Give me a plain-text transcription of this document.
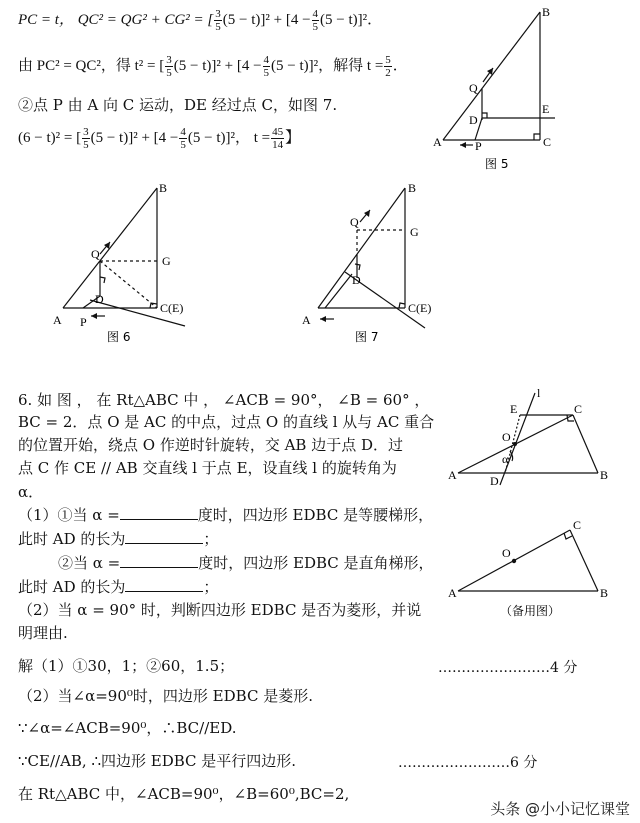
PC = t， QC² = QG² + CG² = [ $\frac{3}{5} (5 - t)]^2 + [4 - \frac{4}{5} (5 - t)]^2$．
由 PC² = QC²，得 t² = [ $\frac{3}{5} (5 - t)]^2 + [4 - \frac{4}{5} (5 - t)]^2$，解得 $t = \frac{5}{2}$ ．
②点 P 由 A 向 C 运动，DE 经过点 C，如图 7.
(6 − t)² = [ $\frac{3}{5} (5 - t)]^2 + [4 - \frac{4}{5} (5 - t)]^2$， $t = \frac{45}{14}$ 】
B
Q
E
D
A	P	C
图 5
B
Q	G
D
A P
C(E)
图 6
B
Q
G
D
A
C(E)
图 7
6. 如 图 ， 在 Rt△ABC 中 ， ∠ACB = 90°， ∠B = 60° ，
BC = 2．点 O 是 AC 的中点，过点 O 的直线 l 从与 AC 重合
的位置开始，绕点 O 作逆时针旋转，交 AB 边于点 D．过
点 C 作 CE // AB 交直线 l 于点 E，设直线 l 的旋转角为
α．
（1）①当 α =	度时，四边形 EDBC 是等腰梯形，
此时 AD 的长为	；
②当 α =	度时，四边形 EDBC 是直角梯形，
此时 AD 的长为	；
（2）当 α = 90° 时，判断四边形 EDBC 是否为菱形，并说
明理由.
l
E	C
O
α
A	D	B
C
O
A	B
（备用图）
解（1）①30，1；②60，1.5；	……………………4 分
（2）当∠α=90⁰时，四边形 EDBC 是菱形.
∵∠α=∠ACB=90⁰，∴BC//ED.
∵CE//AB, ∴四边形 EDBC 是平行四边形.	……………………6 分
在 Rt△ABC 中，∠ACB=90⁰，∠B=60⁰,BC=2,
头条 @小小记忆课堂
